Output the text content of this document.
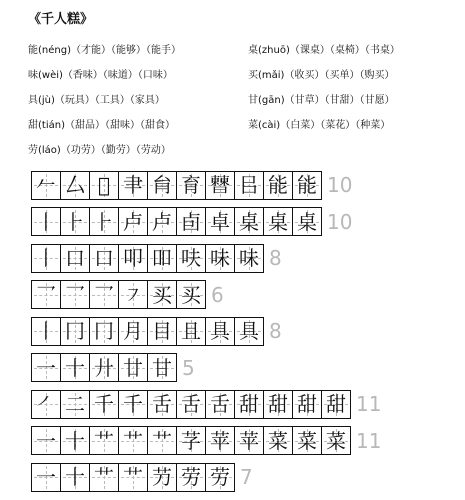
《千人糕》
能(néng)（才能）（能够）（能手）
味(wèi)（香味）（味道）（口味）
具(jù)（玩具）（工具）（家具）
甜(tián)（甜品）（甜味）（甜食）
劳(láo)（功劳）（勤劳）（劳动）
桌(zhuō)（课桌）（桌椅）（书桌）
买(mǎi)（收买）（买单）（购买）
甘(gān)（甘草）（甘甜）（甘愿）
菜(cài)（白菜）（菜花）（种菜）
𠂉 厶 𠆭 𦘒 䏍 育 𣍘 㠯 能 能 10
丨 ⺊ ⺊ 卢 卢 卣 卓 桌 桌 桌 10
丨 口 口 叩 吅 呋 味 味 8
乛 乛 乛 ㇇ 买 买 6
丨 冂 冂 月 目 且 具 具 8
一 十 廾 廿 甘 5
㇒ 二 千 千 舌 舌 舌 甜 甜 甜 甜 11
一 十 艹 艹 艹 芓 苹 苹 菜 菜 菜 11
一 十 艹 艹 芀 劳 劳 7
